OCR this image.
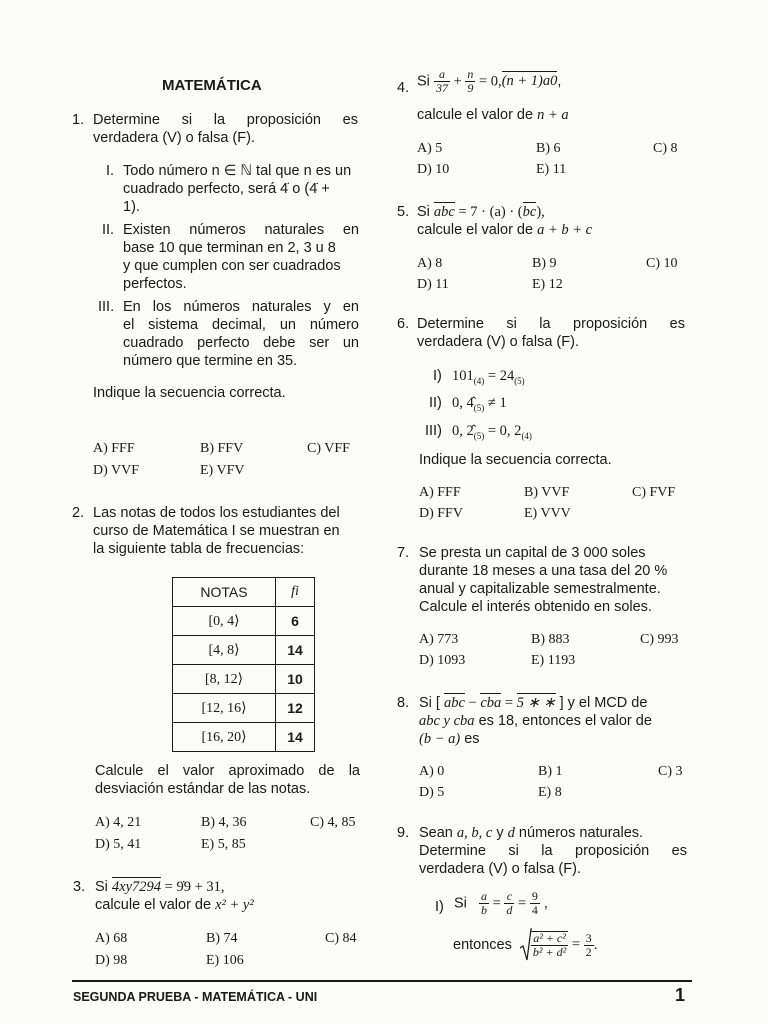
MATEMÁTICA
1. Determine si la proposición es
verdadera (V) o falsa (F).
I. Todo número n ∈ ℕ tal que n es un
cuadrado perfecto, será 4̇ o (4̇ +
1).
II. Existen números naturales en
base 10 que terminan en 2, 3 u 8
y que cumplen con ser cuadrados
perfectos.
III. En los números naturales y en
el sistema decimal, un número
cuadrado perfecto debe ser un
número que termine en 35.
Indique la secuencia correcta.
A) FFF	B) FFV	C) VFF
D) VVF	E) VFV
2. Las notas de todos los estudiantes del
curso de Matemática I se muestran en
la siguiente tabla de frecuencias:
NOTAS	fi
[0, 4⟩	6
[4, 8⟩	14
[8, 12⟩	10
[12, 16⟩	12
[16, 20⟩	14
Calcule el valor aproximado de la
desviación estándar de las notas.
A) 4, 21	B) 4, 36	C) 4, 85
D) 5, 41	E) 5, 85
3. Si 4xy7294 = 9̇9 + 31,
calcule el valor de x² + y²
A) 68	B) 74	C) 84
D) 98	E) 106
4. Si $\frac{a}{37} + \frac{n}{9} = 0,(n + 1)a0$,
calcule el valor de n + a
A) 5	B) 6	C) 8
D) 10	E) 11
5. Si abc = 7 · (a) · (bc),
calcule el valor de a + b + c
A) 8	B) 9	C) 10
D) 11	E) 12
6. Determine si la proposición es
verdadera (V) o falsa (F).
I) $101_{(4)} = 24_{(5)}$
II) 0, $4̂_{(5)} \ne 1$
III) 0, $2̂_{(5)} = 0$, $2_{(4)}$
Indique la secuencia correcta.
A) FFF	B) VVF	C) FVF
D) FFV	E) VVV
7. Se presta un capital de 3 000 soles
durante 18 meses a una tasa del 20 %
anual y capitalizable semestralmente.
Calcule el interés obtenido en soles.
A) 773	B) 883	C) 993
D) 1093	E) 1193
8. Si [ abc − cba = 5 ∗ ∗ ] y el MCD de
abc y cba es 18, entonces el valor de
(b − a) es
A) 0	B) 1	C) 3
D) 5	E) 8
9. Sean a, b, c y d números naturales.
Determine si la proposición es
verdadera (V) o falsa (F).
I) Si $\frac{a}{b} = \frac{c}{d} = \frac{9}{4}$ ,
entonces $\frac{\text{a² + c²}}{\text{b² + d²}} = \frac{3}{2}$ .
SEGUNDA PRUEBA - MATEMÁTICA - UNI	1
